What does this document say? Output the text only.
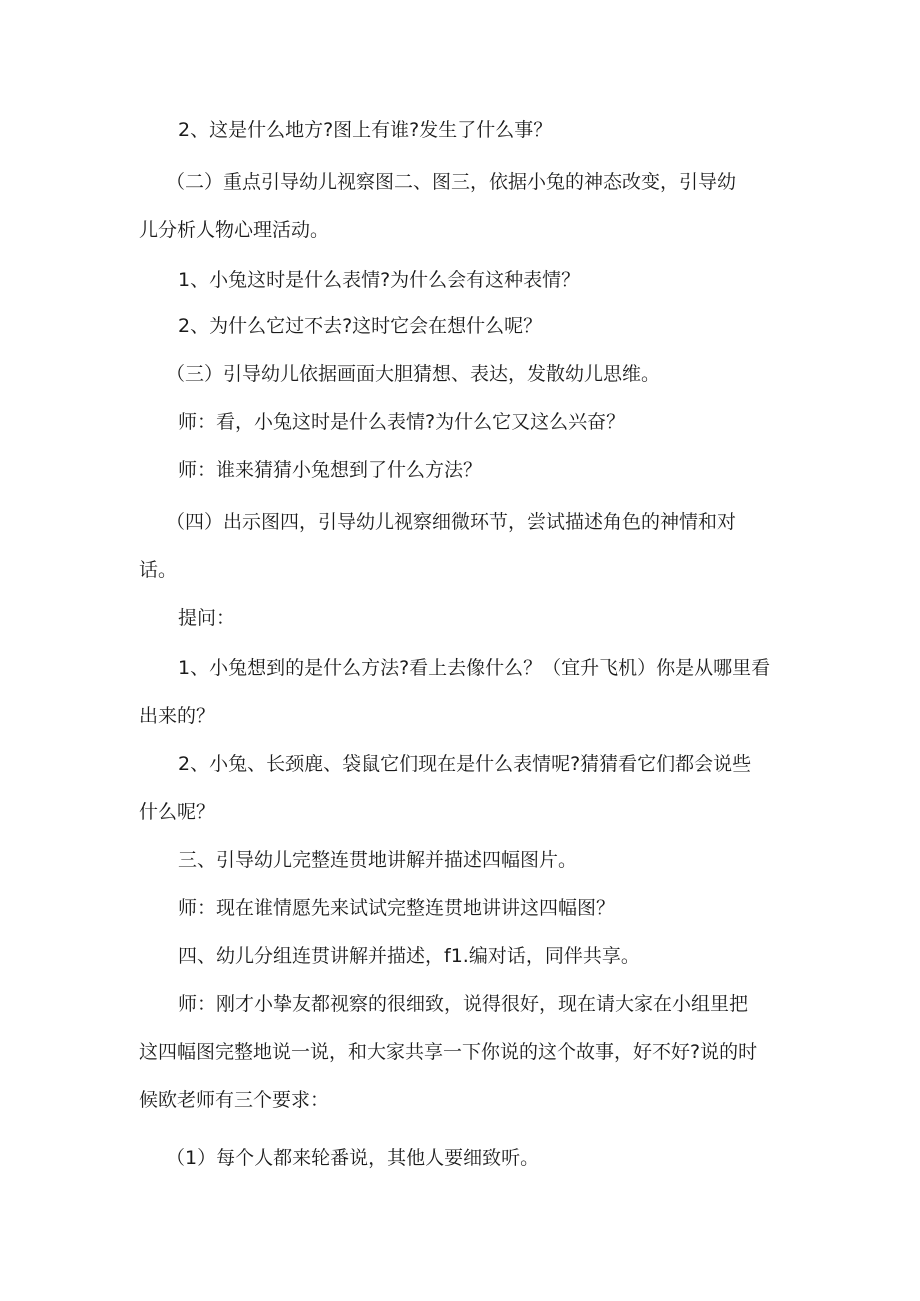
2、这是什么地方?图上有谁?发生了什么事？
（二）重点引导幼儿视察图二、图三，依据小兔的神态改变，引导幼
儿分析人物心理活动。
1、小兔这时是什么表情?为什么会有这种表情？
2、为什么它过不去?这时它会在想什么呢？
（三）引导幼儿依据画面大胆猜想、表达，发散幼儿思维。
师：看，小兔这时是什么表情?为什么它又这么兴奋？
师：谁来猜猜小兔想到了什么方法？
（四）出示图四，引导幼儿视察细微环节，尝试描述角色的神情和对
话。
提问：
1、小兔想到的是什么方法?看上去像什么？（宜升飞机）你是从哪里看
出来的？
2、小兔、长颈鹿、袋鼠它们现在是什么表情呢?猜猜看它们都会说些
什么呢？
三、引导幼儿完整连贯地讲解并描述四幅图片。
师：现在谁情愿先来试试完整连贯地讲讲这四幅图？
四、幼儿分组连贯讲解并描述，f1.编对话，同伴共享。
师：刚才小挚友都视察的很细致，说得很好，现在请大家在小组里把
这四幅图完整地说一说，和大家共享一下你说的这个故事，好不好?说的时
候欧老师有三个要求：
（1）每个人都来轮番说，其他人要细致听。
